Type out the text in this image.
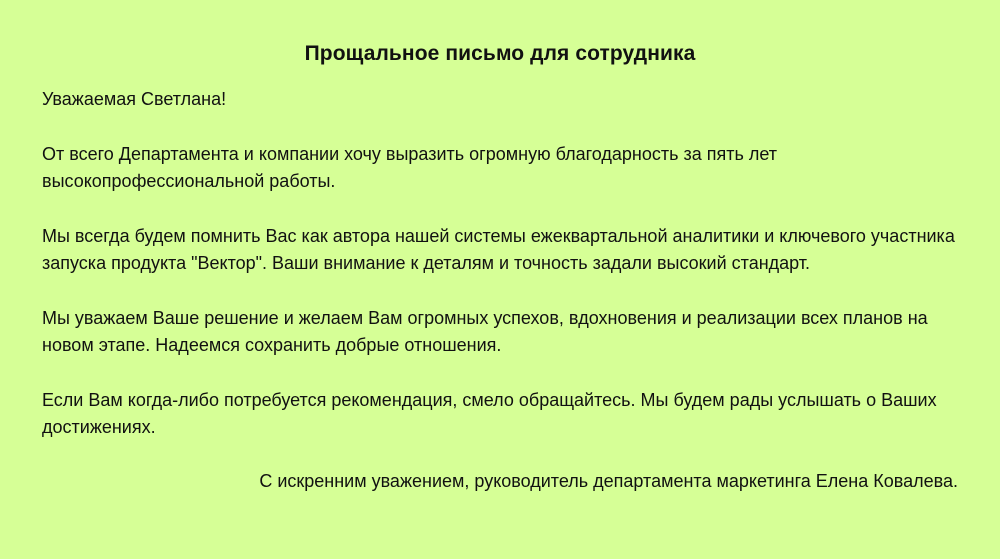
Прощальное письмо для сотрудника

Уважаемая Светлана!

От всего Департамента и компании хочу выразить огромную благодарность за пять лет высокопрофессиональной работы.

Мы всегда будем помнить Вас как автора нашей системы ежеквартальной аналитики и ключевого участника запуска продукта "Вектор". Ваши внимание к деталям и точность задали высокий стандарт.

Мы уважаем Ваше решение и желаем Вам огромных успехов, вдохновения и реализации всех планов на новом этапе. Надеемся сохранить добрые отношения.

Если Вам когда-либо потребуется рекомендация, смело обращайтесь. Мы будем рады услышать о Ваших достижениях.

С искренним уважением, руководитель департамента маркетинга Елена Ковалева.
